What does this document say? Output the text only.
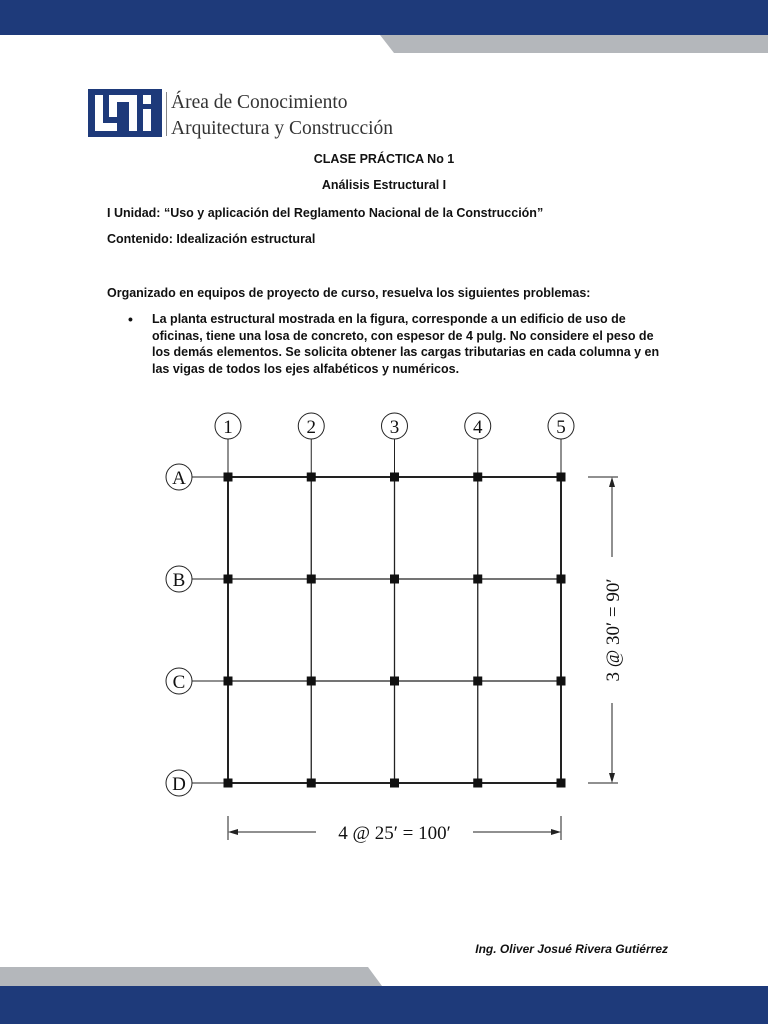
Área de Conocimiento
Arquitectura y Construcción
CLASE PRÁCTICA No 1
Análisis Estructural I
I Unidad: “Uso y aplicación del Reglamento Nacional de la Construcción”
Contenido: Idealización estructural
Organizado en equipos de proyecto de curso, resuelva los siguientes problemas:
• La planta estructural mostrada en la figura, corresponde a un edificio de uso de oficinas, tiene una losa de concreto, con espesor de 4 pulg. No considere el peso de los demás elementos. Se solicita obtener las cargas tributarias en cada columna y en las vigas de todos los ejes alfabéticos y numéricos.
1	2	3	4	5
A
B
C
D
4 @ 25′ = 100′
3 @ 30′ = 90′
Ing. Oliver Josué Rivera Gutiérrez
